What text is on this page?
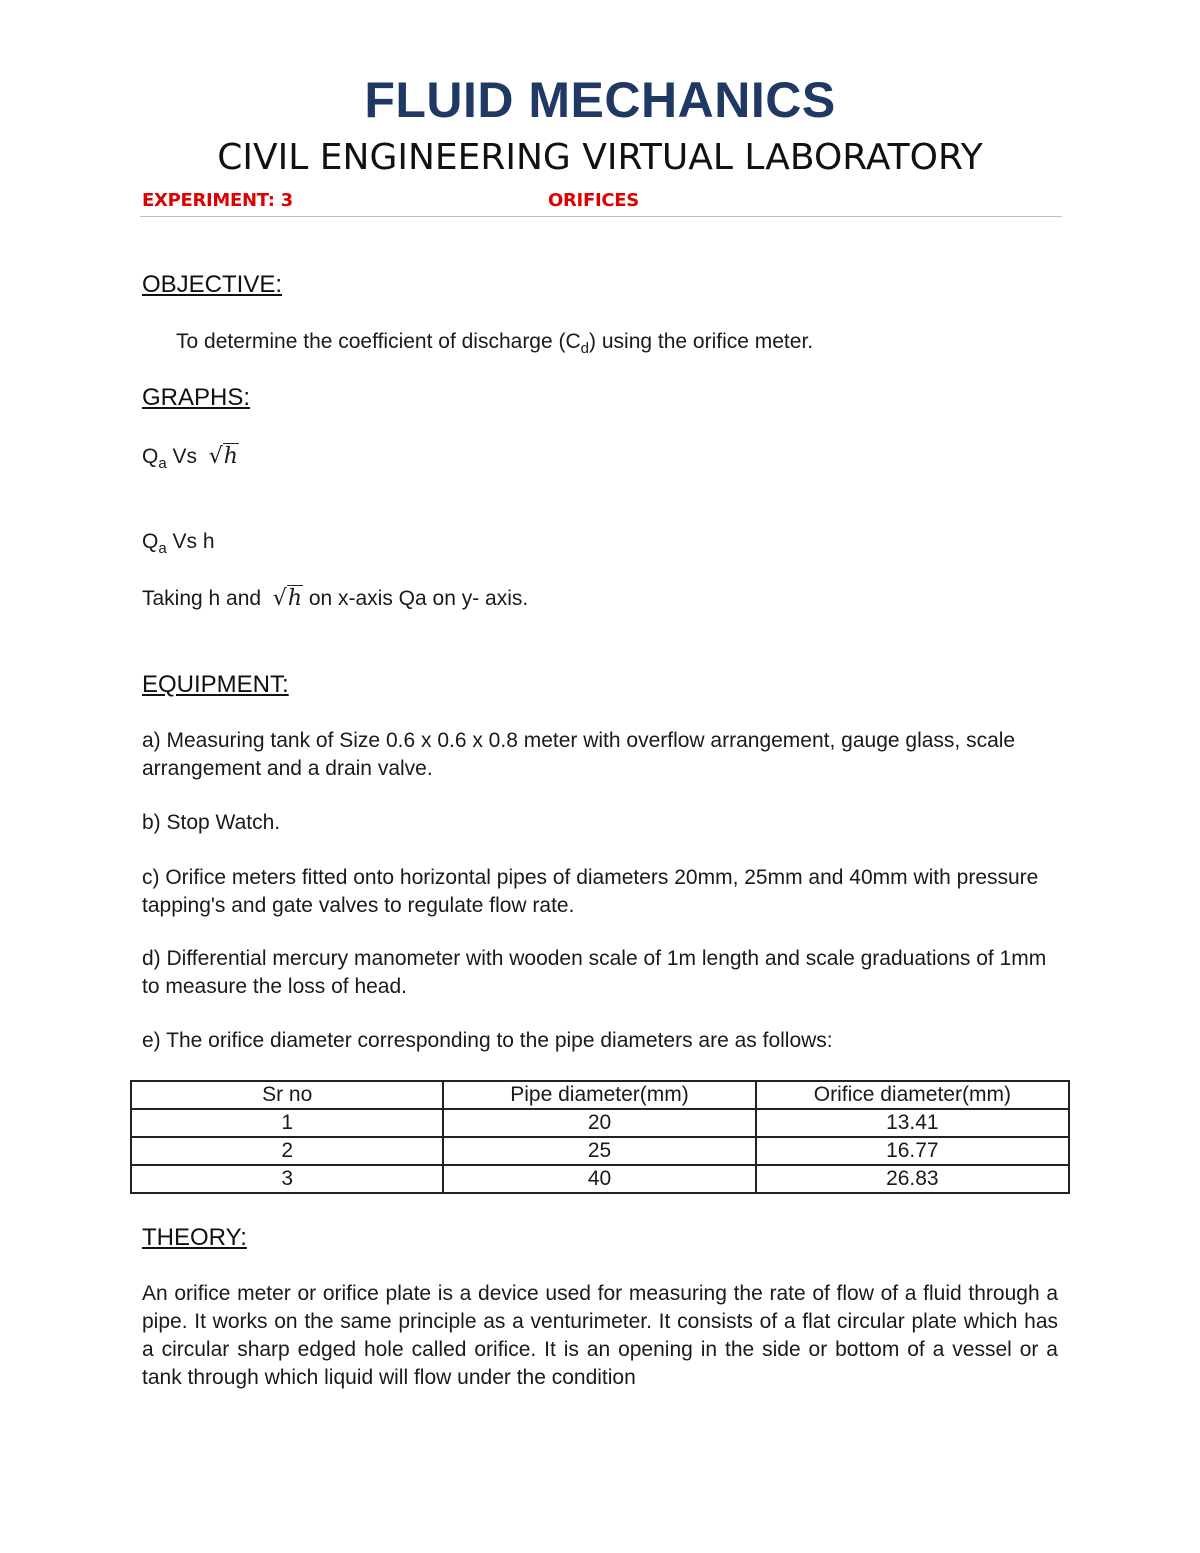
FLUID MECHANICS
CIVIL ENGINEERING VIRTUAL LABORATORY
EXPERIMENT: 3	ORIFICES
OBJECTIVE:
To determine the coefficient of discharge $(C_d)$ using the orifice meter.
GRAPHS:
$Q_a$ Vs  √h
$Q_a$ Vs h
Taking h and  √h on x-axis Qa on y- axis.
EQUIPMENT:
a) Measuring tank of Size 0.6 x 0.6 x 0.8 meter with overflow arrangement, gauge glass, scale arrangement and a drain valve.
b) Stop Watch.
c) Orifice meters fitted onto horizontal pipes of diameters 20mm, 25mm and 40mm with pressure tapping's and gate valves to regulate flow rate.
d) Differential mercury manometer with wooden scale of 1m length and scale graduations of 1mm to measure the loss of head.
e) The orifice diameter corresponding to the pipe diameters are as follows:
Sr no	Pipe diameter(mm)	Orifice diameter(mm)
1	20	13.41
2	25	16.77
3	40	26.83
THEORY:
An orifice meter or orifice plate is a device used for measuring the rate of flow of a fluid through a pipe. It works on the same principle as a venturimeter. It consists of a flat circular plate which has a circular sharp edged hole called orifice. It is an opening in the side or bottom of a vessel or a tank through which liquid will flow under the condition
